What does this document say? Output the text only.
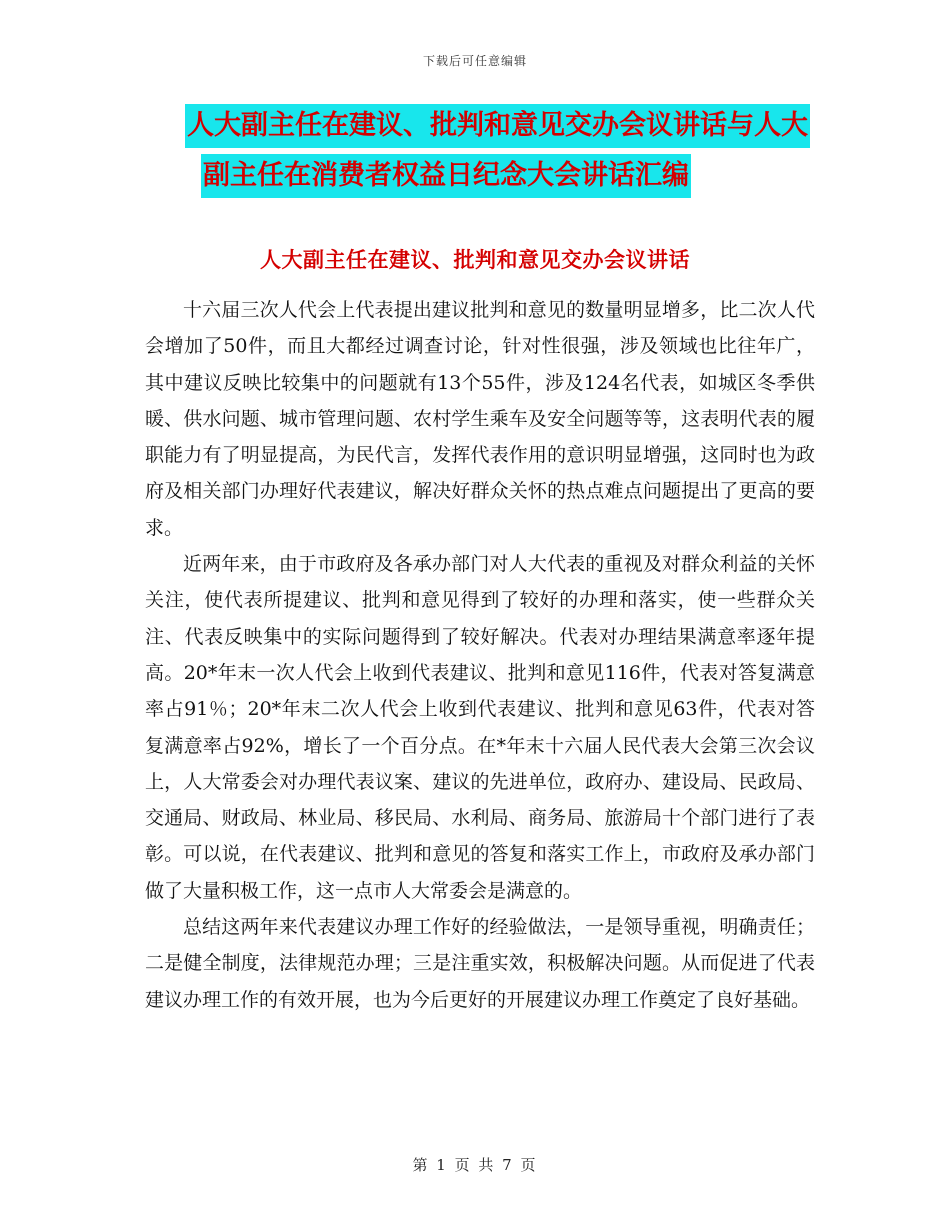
下载后可任意编辑
人大副主任在建议、批判和意见交办会议讲话与人大
副主任在消费者权益日纪念大会讲话汇编
人大副主任在建议、批判和意见交办会议讲话

十六届三次人代会上代表提出建议批判和意见的数量明显增多，比二次人代会增加了50件，而且大都经过调查讨论，针对性很强，涉及领域也比往年广，其中建议反映比较集中的问题就有13个55件，涉及124名代表，如城区冬季供暖、供水问题、城市管理问题、农村学生乘车及安全问题等等，这表明代表的履职能力有了明显提高，为民代言，发挥代表作用的意识明显增强，这同时也为政府及相关部门办理好代表建议，解决好群众关怀的热点难点问题提出了更高的要求。

近两年来，由于市政府及各承办部门对人大代表的重视及对群众利益的关怀关注，使代表所提建议、批判和意见得到了较好的办理和落实，使一些群众关注、代表反映集中的实际问题得到了较好解决。代表对办理结果满意率逐年提高。20*年末一次人代会上收到代表建议、批判和意见116件，代表对答复满意率占91％；20*年末二次人代会上收到代表建议、批判和意见63件，代表对答复满意率占92%，增长了一个百分点。在*年末十六届人民代表大会第三次会议上，人大常委会对办理代表议案、建议的先进单位，政府办、建设局、民政局、交通局、财政局、林业局、移民局、水利局、商务局、旅游局十个部门进行了表彰。可以说，在代表建议、批判和意见的答复和落实工作上，市政府及承办部门做了大量积极工作，这一点市人大常委会是满意的。

总结这两年来代表建议办理工作好的经验做法，一是领导重视，明确责任；二是健全制度，法律规范办理；三是注重实效，积极解决问题。从而促进了代表建议办理工作的有效开展，也为今后更好的开展建议办理工作奠定了良好基础。

第 1 页 共 7 页
